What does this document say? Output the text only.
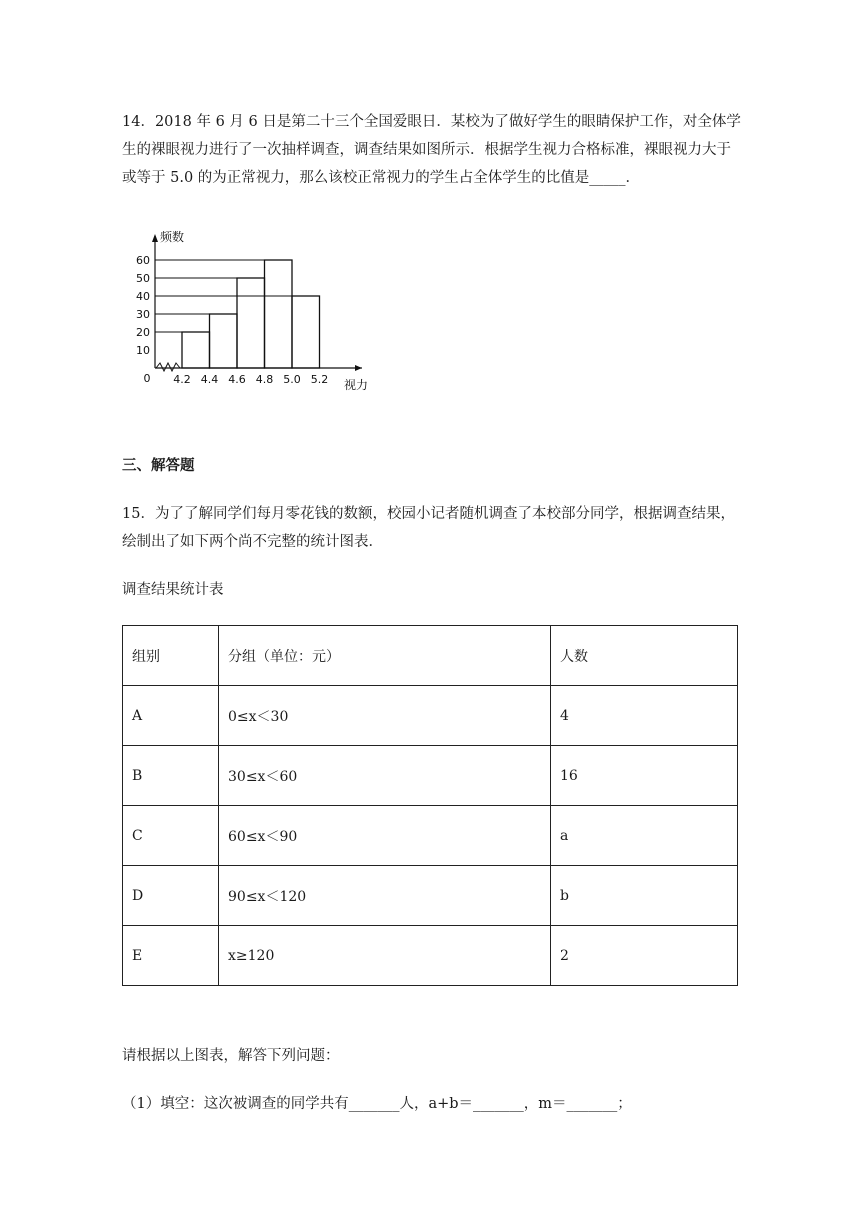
14．2018 年 6 月 6 日是第二十三个全国爱眼日．某校为了做好学生的眼睛保护工作，对全体学生的裸眼视力进行了一次抽样调查，调查结果如图所示．根据学生视力合格标准，裸眼视力大于或等于 5.0 的为正常视力，那么该校正常视力的学生占全体学生的比值是_____．

10
20
30
40
50
60
4.2 4.4 4.6 4.8 5.0 5.2
0
频数
视力

三、解答题

15．为了了解同学们每月零花钱的数额，校园小记者随机调查了本校部分同学，根据调查结果，绘制出了如下两个尚不完整的统计图表．

调查结果统计表

组别	分组（单位：元）	人数
A	0≤x＜30	4
B	30≤x＜60	16
C	60≤x＜90	a
D	90≤x＜120	b
E	x≥120	2

请根据以上图表，解答下列问题：

（1）填空：这次被调查的同学共有_______人，a+b＝_______，m＝_______；
